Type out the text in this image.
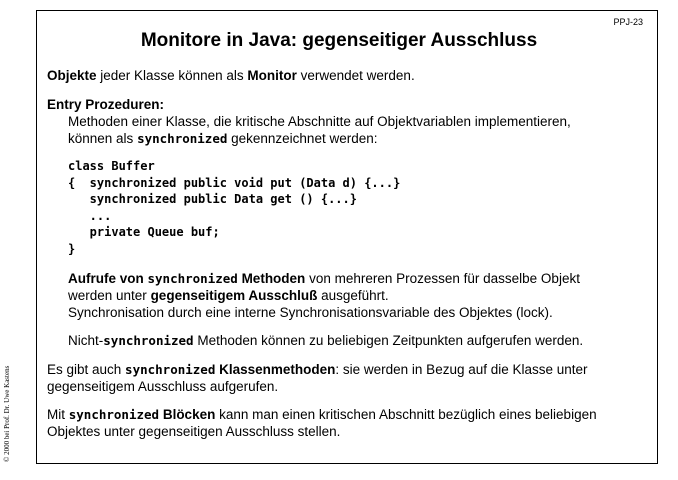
PPJ-23
Monitore in Java: gegenseitiger Ausschluss
Objekte jeder Klasse können als Monitor verwendet werden.
Entry Prozeduren:
Methoden einer Klasse, die kritische Abschnitte auf Objektvariablen implementieren,
können als synchronized gekennzeichnet werden:
class Buffer
{  synchronized public void put (Data d) {...}
synchronized public Data get () {...}
...
private Queue buf;
}
Aufrufe von synchronized Methoden von mehreren Prozessen für dasselbe Objekt
werden unter gegenseitigem Ausschluß ausgeführt.
Synchronisation durch eine interne Synchronisationsvariable des Objektes (lock).
Nicht-synchronized Methoden können zu beliebigen Zeitpunkten aufgerufen werden.
Es gibt auch synchronized Klassenmethoden: sie werden in Bezug auf die Klasse unter
gegenseitigem Ausschluss aufgerufen.
Mit synchronized Blöcken kann man einen kritischen Abschnitt bezüglich eines beliebigen
Objektes unter gegenseitigen Ausschluss stellen.
© 2000 bei Prof. Dr. Uwe Kastens
